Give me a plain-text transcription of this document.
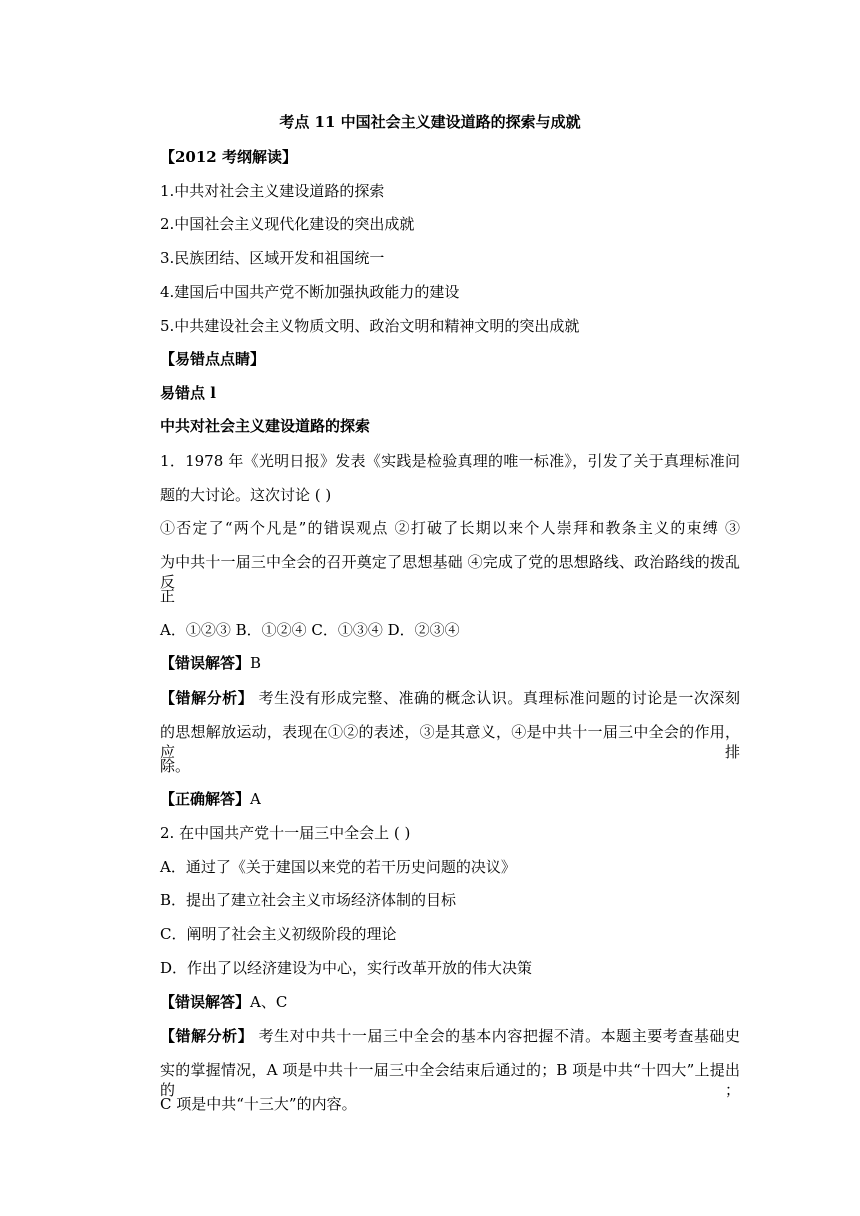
考点 11 中国社会主义建设道路的探索与成就
【2012 考纲解读】
1.中共对社会主义建设道路的探索
2.中国社会主义现代化建设的突出成就
3.民族团结、区域开发和祖国统一
4.建国后中国共产党不断加强执政能力的建设
5.中共建设社会主义物质文明、政治文明和精神文明的突出成就
【易错点点睛】
易错点 l
中共对社会主义建设道路的探索
1．1978 年《光明日报》发表《实践是检验真理的唯一标准》，引发了关于真理标准问
题的大讨论。这次讨论 ( )
①否定了“两个凡是”的错误观点 ②打破了长期以来个人崇拜和教条主义的束缚 ③
为中共十一届三中全会的召开奠定了思想基础 ④完成了党的思想路线、政治路线的拨乱反
正
A．①②③ B．①②④ C．①③④ D．②③④
【错误解答】B
【错解分析】 考生没有形成完整、准确的概念认识。真理标准问题的讨论是一次深刻
的思想解放运动，表现在①②的表述，③是其意义，④是中共十一届三中全会的作用，应排
除。
【正确解答】A
2. 在中国共产党十一届三中全会上 ( )
A．通过了《关于建国以来党的若干历史问题的决议》
B．提出了建立社会主义市场经济体制的目标
C．阐明了社会主义初级阶段的理论
D．作出了以经济建设为中心，实行改革开放的伟大决策
【错误解答】A、C
【错解分析】 考生对中共十一届三中全会的基本内容把握不清。本题主要考查基础史
实的掌握情况，A 项是中共十一届三中全会结束后通过的；B 项是中共“十四大”上提出的；
C 项是中共“十三大”的内容。
